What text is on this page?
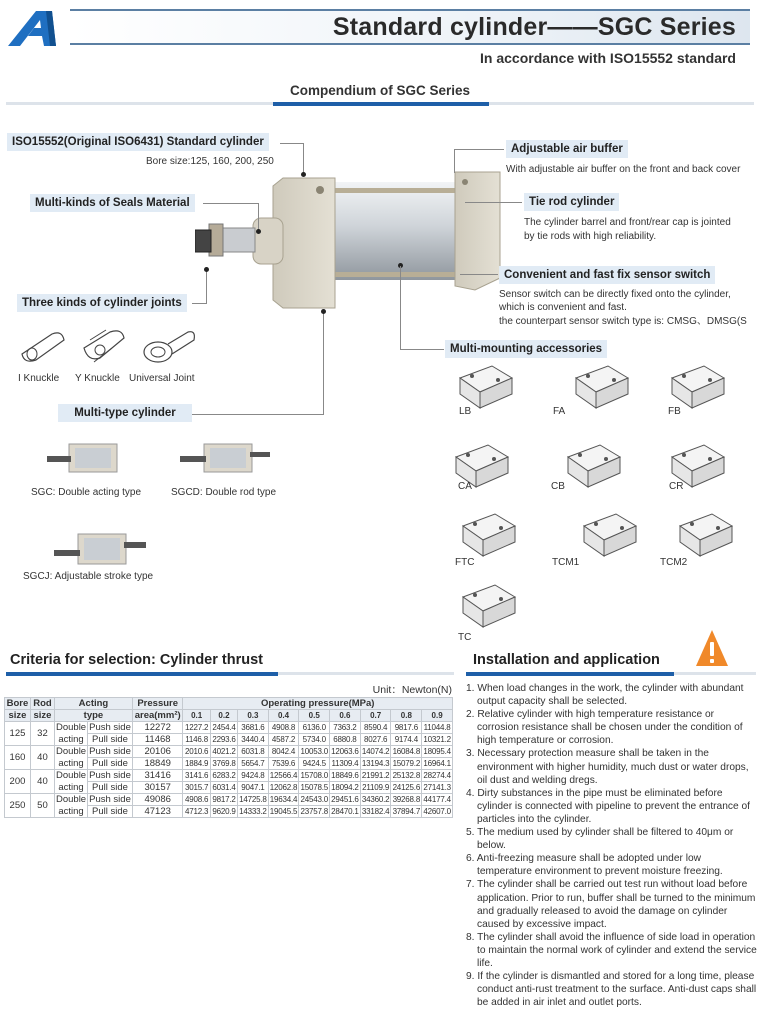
Standard cylinder——SGC Series
In accordance with ISO15552 standard
Compendium of SGC Series
ISO15552(Original ISO6431) Standard cylinder
Bore size:125, 160, 200, 250
Multi-kinds of Seals Material
Three kinds of cylinder joints
I Knuckle Y Knuckle Universal Joint
Multi-type cylinder
SGC: Double acting type	SGCD: Double rod type
SGCJ: Adjustable stroke type
Adjustable air buffer
With adjustable air buffer on the front and back cover
Tie rod cylinder
The cylinder barrel and front/rear cap is jointed
by tie rods with high reliability.
Convenient and fast fix sensor switch
Sensor switch can be directly fixed onto the cylinder,
which is convenient and fast.
the counterpart sensor switch type is: CMSG、DMSG(S
Multi-mounting accessories
LB	FA	FB
CA	CB	CR
FTC	TCM1	TCM2
TC
Criteria for selection: Cylinder thrust
Unit：Newton(N)
Bore	Rod	Acting		Pressure	Operating pressure(MPa)								
size	size	type		area(mm²)	0.1	0.2	0.3	0.4	0.5	0.6	0.7	0.8	0.9
125	32	Double	Push side	12272	1227.2	2454.4	3681.6	4908.8	6136.0	7363.2	8590.4	9817.6	11044.8
		acting	Pull side	11468	1146.8	2293.6	3440.4	4587.2	5734.0	6880.8	8027.6	9174.4	10321.2
160	40	Double	Push side	20106	2010.6	4021.2	6031.8	8042.4	10053.0	12063.6	14074.2	16084.8	18095.4
		acting	Pull side	18849	1884.9	3769.8	5654.7	7539.6	9424.5	11309.4	13194.3	15079.2	16964.1
200	40	Double	Push side	31416	3141.6	6283.2	9424.8	12566.4	15708.0	18849.6	21991.2	25132.8	28274.4
		acting	Pull side	30157	3015.7	6031.4	9047.1	12062.8	15078.5	18094.2	21109.9	24125.6	27141.3
250	50	Double	Push side	49086	4908.6	9817.2	14725.8	19634.4	24543.0	29451.6	34360.2	39268.8	44177.4
		acting	Pull side	47123	4712.3	9620.9	14333.2	19045.5	23757.8	28470.1	33182.4	37894.7	42607.0
Installation and application
1. When load changes in the work, the cylinder with abundant output capacity shall be selected.
2. Relative cylinder with high temperature resistance or corrosion resistance shall be chosen under the condition of high temperature or corrosion.
3. Necessary protection measure shall be taken in the environment with higher humidity, much dust or water drops, oil dust and welding dregs.
4. Dirty substances in the pipe must be eliminated before cylinder is connected with pipeline to prevent the entrance of particles into the cylinder.
5. The medium used by cylinder shall be filtered to 40μm or below.
6. Anti-freezing measure shall be adopted under low temperature environment to prevent moisture freezing.
7. The cylinder shall be carried out test run without load before application. Prior to run, buffer shall be turned to the minimum and gradually released to avoid the damage on cylinder caused by excessive impact.
8. The cylinder shall avoid the influence of side load in operation to maintain the normal work of cylinder and extend the service life.
9. If the cylinder is dismantled and stored for a long time, please conduct anti-rust treatment to the surface. Anti-dust caps shall be added in air inlet and outlet ports.
